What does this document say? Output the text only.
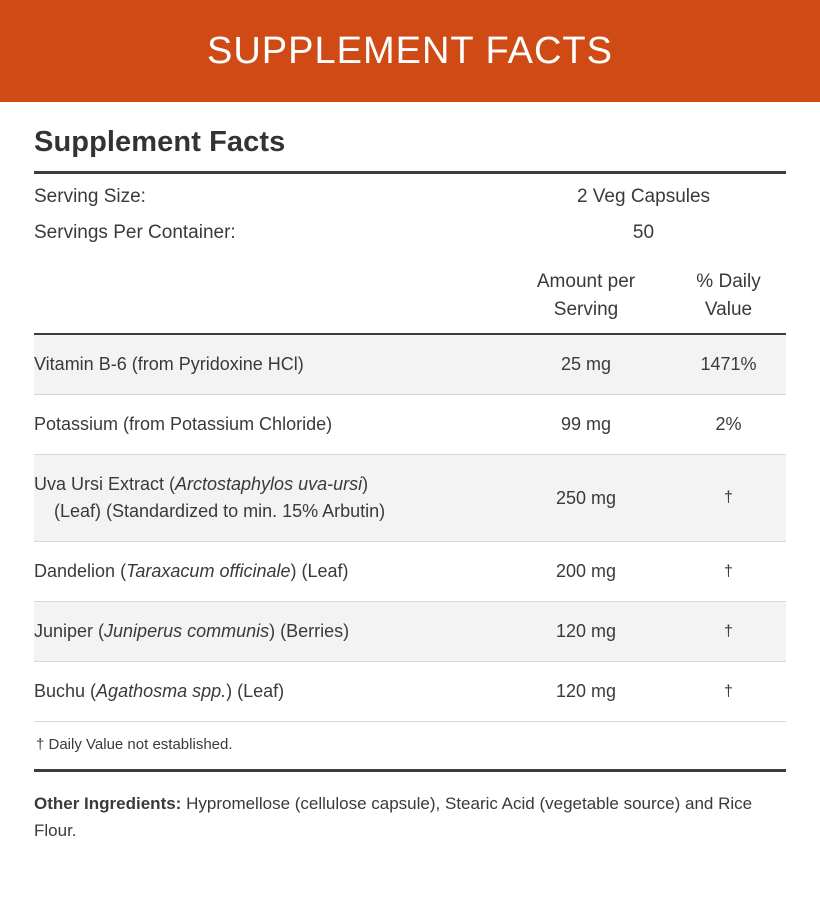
SUPPLEMENT FACTS
Supplement Facts
Serving Size:	2 Veg Capsules
Servings Per Container:	50
Amount per
Serving
% Daily
Value
Vitamin B-6 (from Pyridoxine HCl)	25 mg	1471%
Potassium (from Potassium Chloride)	99 mg	2%
Uva Ursi Extract (Arctostaphylos uva-ursi)
(Leaf) (Standardized to min. 15% Arbutin)	250 mg	†
Dandelion (Taraxacum officinale) (Leaf)	200 mg	†
Juniper (Juniperus communis) (Berries)	120 mg	†
Buchu (Agathosma spp.) (Leaf)	120 mg	†
† Daily Value not established.
Other Ingredients: Hypromellose (cellulose capsule), Stearic Acid (vegetable source) and Rice Flour.
